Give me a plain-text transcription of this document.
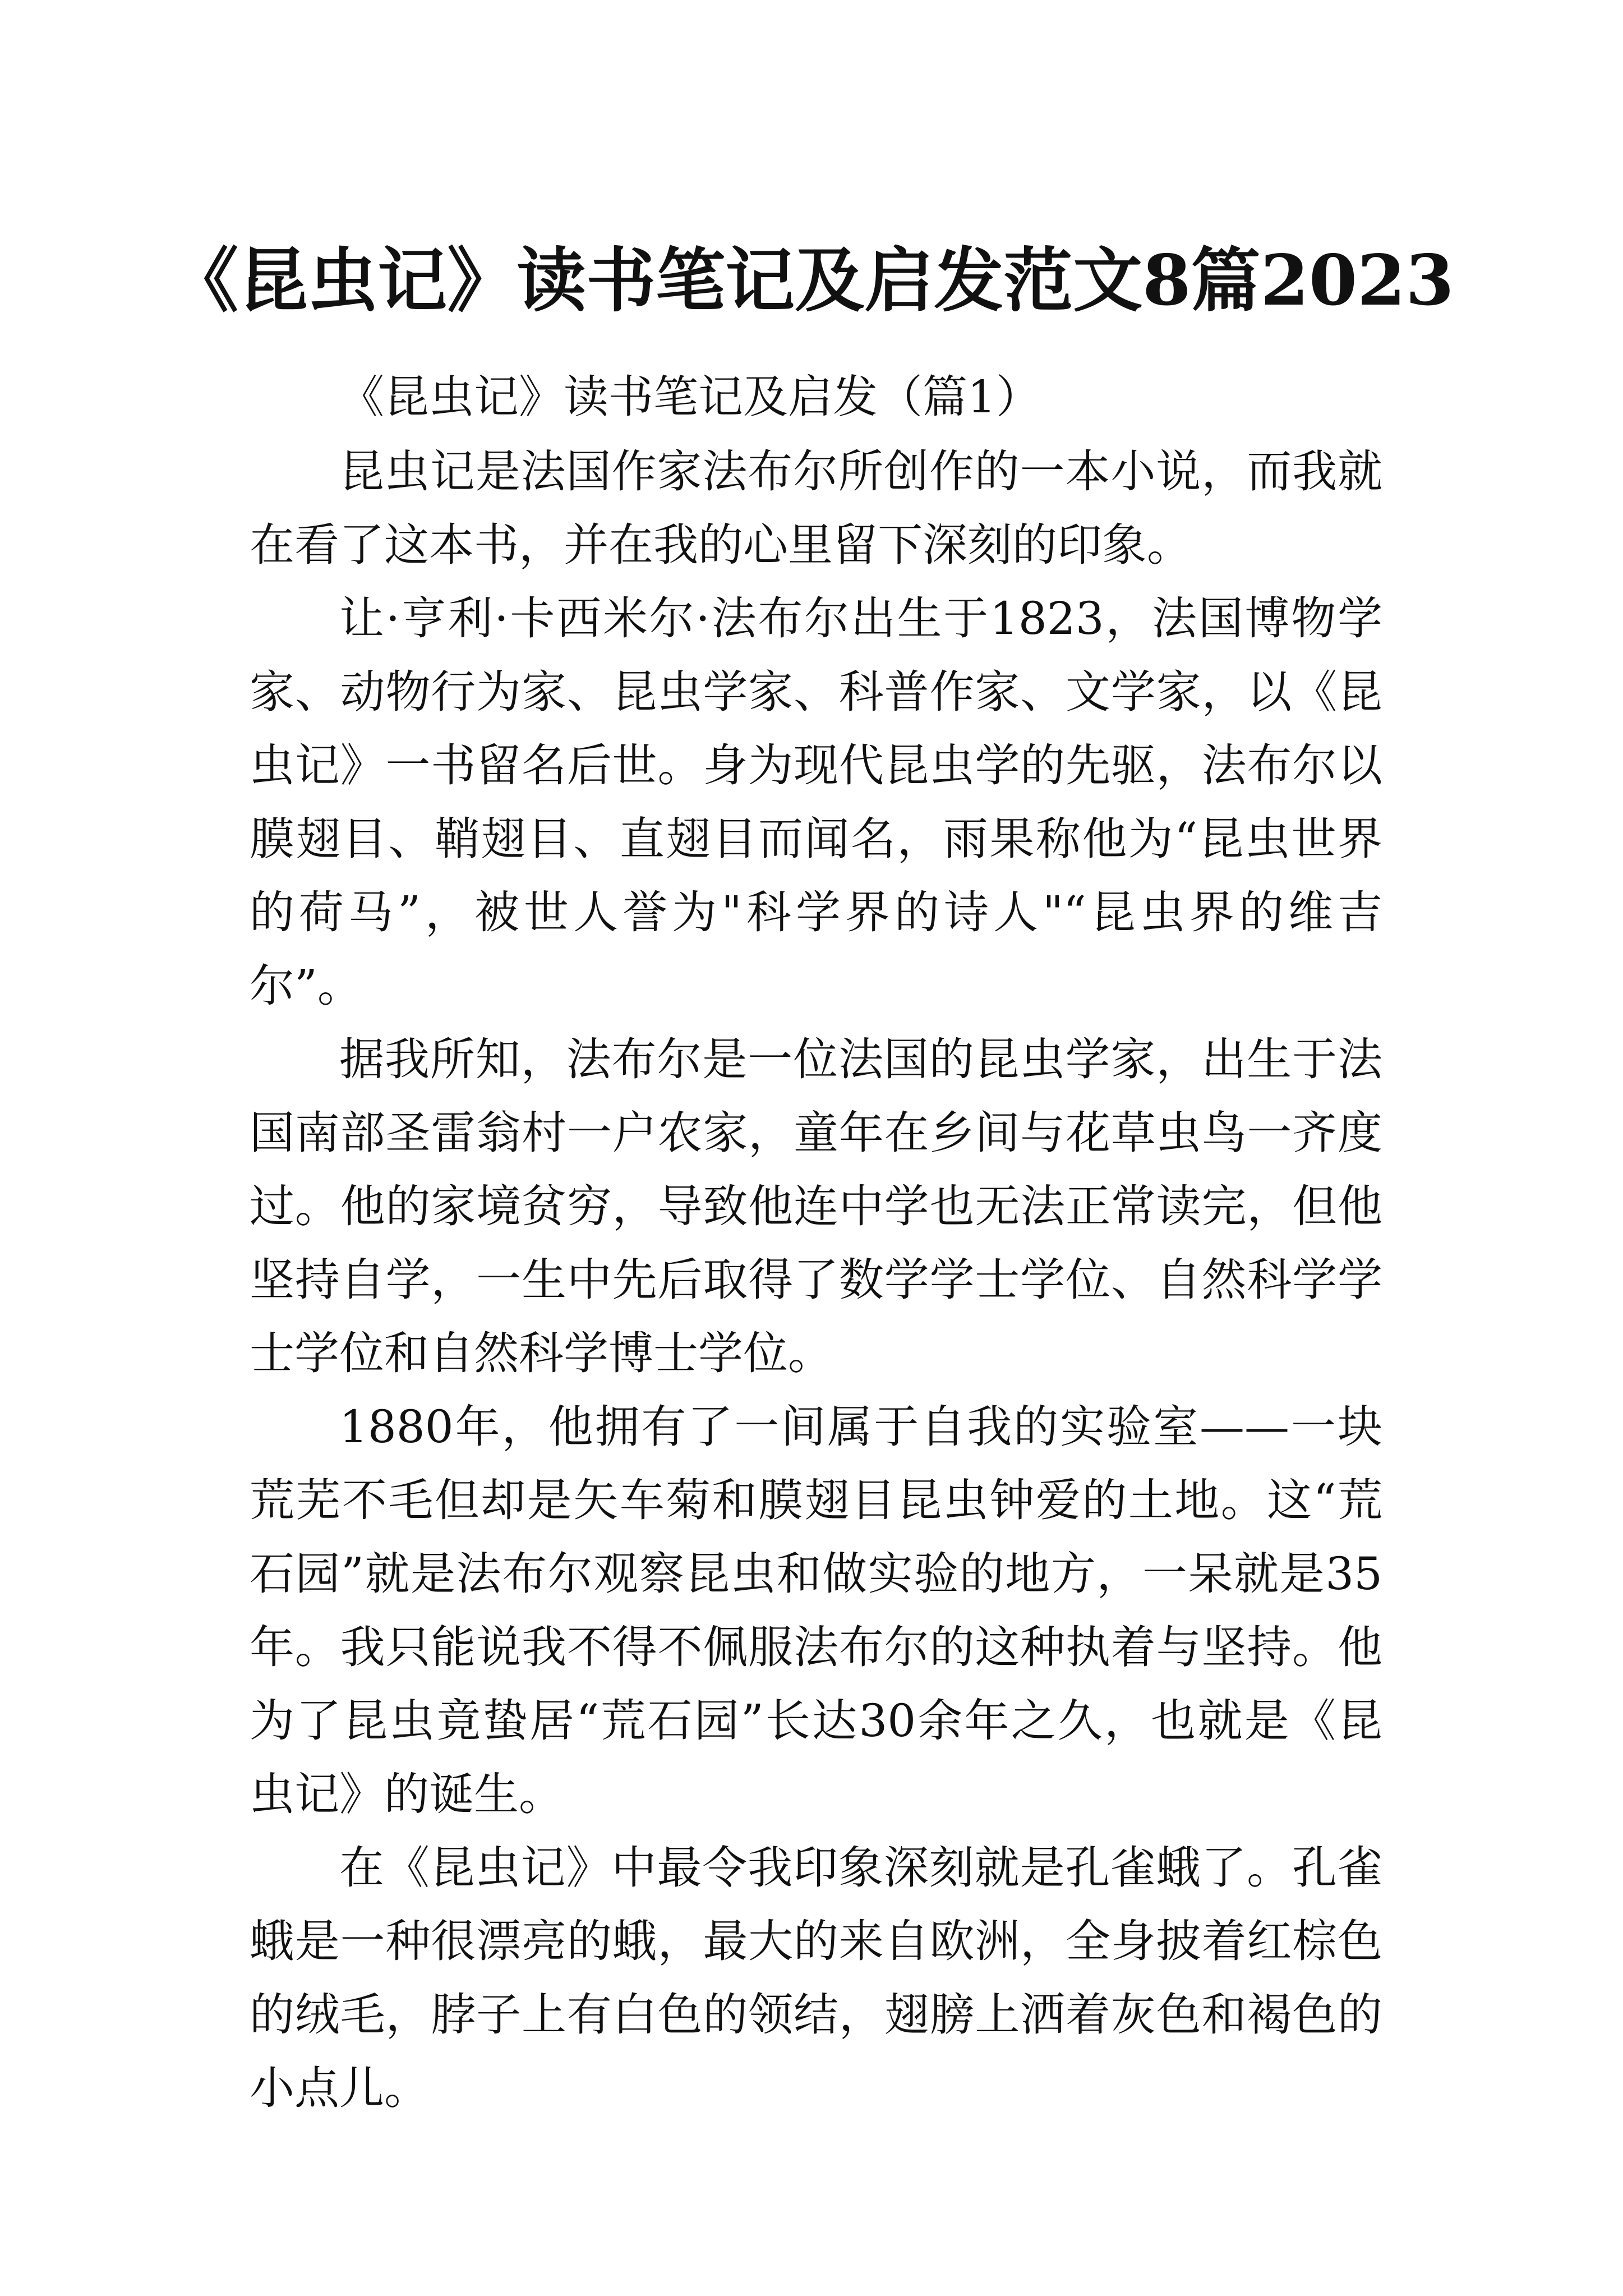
《昆虫记》读书笔记及启发范文8篇2023

《昆虫记》读书笔记及启发（篇1）

昆虫记是法国作家法布尔所创作的一本小说，而我就在看了这本书，并在我的心里留下深刻的印象。

让·亨利·卡西米尔·法布尔出生于1823，法国博物学家、动物行为家、昆虫学家、科普作家、文学家，以《昆虫记》一书留名后世。身为现代昆虫学的先驱，法布尔以膜翅目、鞘翅目、直翅目而闻名，雨果称他为“昆虫世界的荷马”，被世人誉为"科学界的诗人"“昆虫界的维吉尔”。

据我所知，法布尔是一位法国的昆虫学家，出生于法国南部圣雷翁村一户农家，童年在乡间与花草虫鸟一齐度过。他的家境贫穷，导致他连中学也无法正常读完，但他坚持自学，一生中先后取得了数学学士学位、自然科学学士学位和自然科学博士学位。

1880年，他拥有了一间属于自我的实验室——一块荒芜不毛但却是矢车菊和膜翅目昆虫钟爱的土地。这“荒石园”就是法布尔观察昆虫和做实验的地方，一呆就是35年。我只能说我不得不佩服法布尔的这种执着与坚持。他为了昆虫竟蛰居“荒石园”长达30余年之久，也就是《昆虫记》的诞生。

在《昆虫记》中最令我印象深刻就是孔雀蛾了。孔雀蛾是一种很漂亮的蛾，最大的来自欧洲，全身披着红棕色的绒毛，脖子上有白色的领结，翅膀上洒着灰色和褐色的小点儿。
